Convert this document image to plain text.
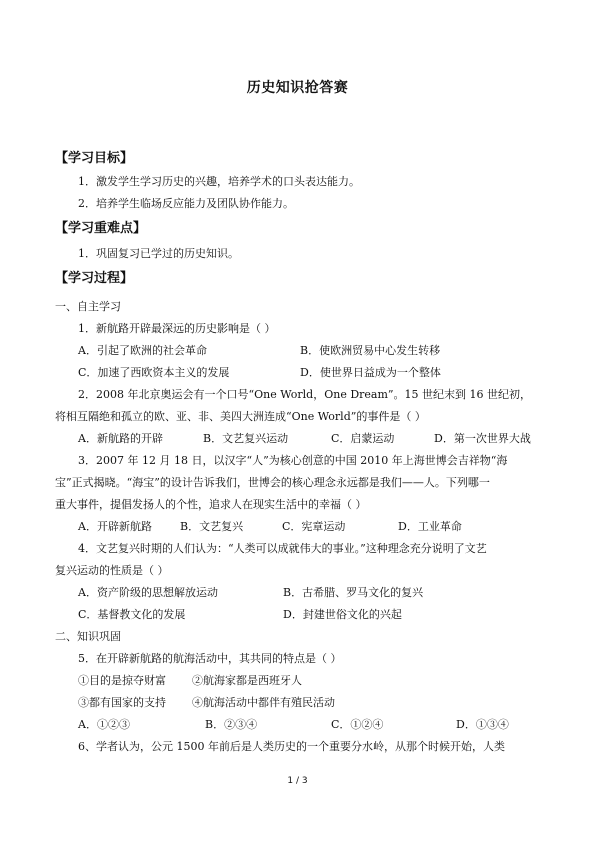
历史知识抢答赛
【学习目标】
1．激发学生学习历史的兴趣，培养学术的口头表达能力。
2．培养学生临场反应能力及团队协作能力。
【学习重难点】
1．巩固复习已学过的历史知识。
【学习过程】
一、自主学习
1．新航路开辟最深远的历史影响是（ ）
A．引起了欧洲的社会革命	B．使欧洲贸易中心发生转移
C．加速了西欧资本主义的发展	D．使世界日益成为一个整体
2．2008 年北京奥运会有一个口号“One World，One Dream”。15 世纪末到 16 世纪初，
将相互隔绝和孤立的欧、亚、非、美四大洲连成“One World”的事件是（ ）
A．新航路的开辟	B．文艺复兴运动	C．启蒙运动	D．第一次世界大战
3．2007 年 12 月 18 日，以汉字“人”为核心创意的中国 2010 年上海世博会吉祥物“海
宝”正式揭晓。“海宝”的设计告诉我们，世博会的核心理念永远都是我们——人。下列哪一
重大事件，提倡发扬人的个性，追求人在现实生活中的幸福（ ）
A．开辟新航路	B．文艺复兴	C．宪章运动	D．工业革命
4．文艺复兴时期的人们认为：“人类可以成就伟大的事业。”这种理念充分说明了文艺
复兴运动的性质是（ ）
A．资产阶级的思想解放运动	B．古希腊、罗马文化的复兴
C．基督教文化的发展	D．封建世俗文化的兴起
二、知识巩固
5．在开辟新航路的航海活动中，其共同的特点是（ ）
①目的是掠夺财富 ②航海家都是西班牙人
③都有国家的支持 ④航海活动中都伴有殖民活动
A．①②③	B．②③④	C．①②④	D．①③④
6、学者认为，公元 1500 年前后是人类历史的一个重要分水岭，从那个时候开始，人类
1 / 3
